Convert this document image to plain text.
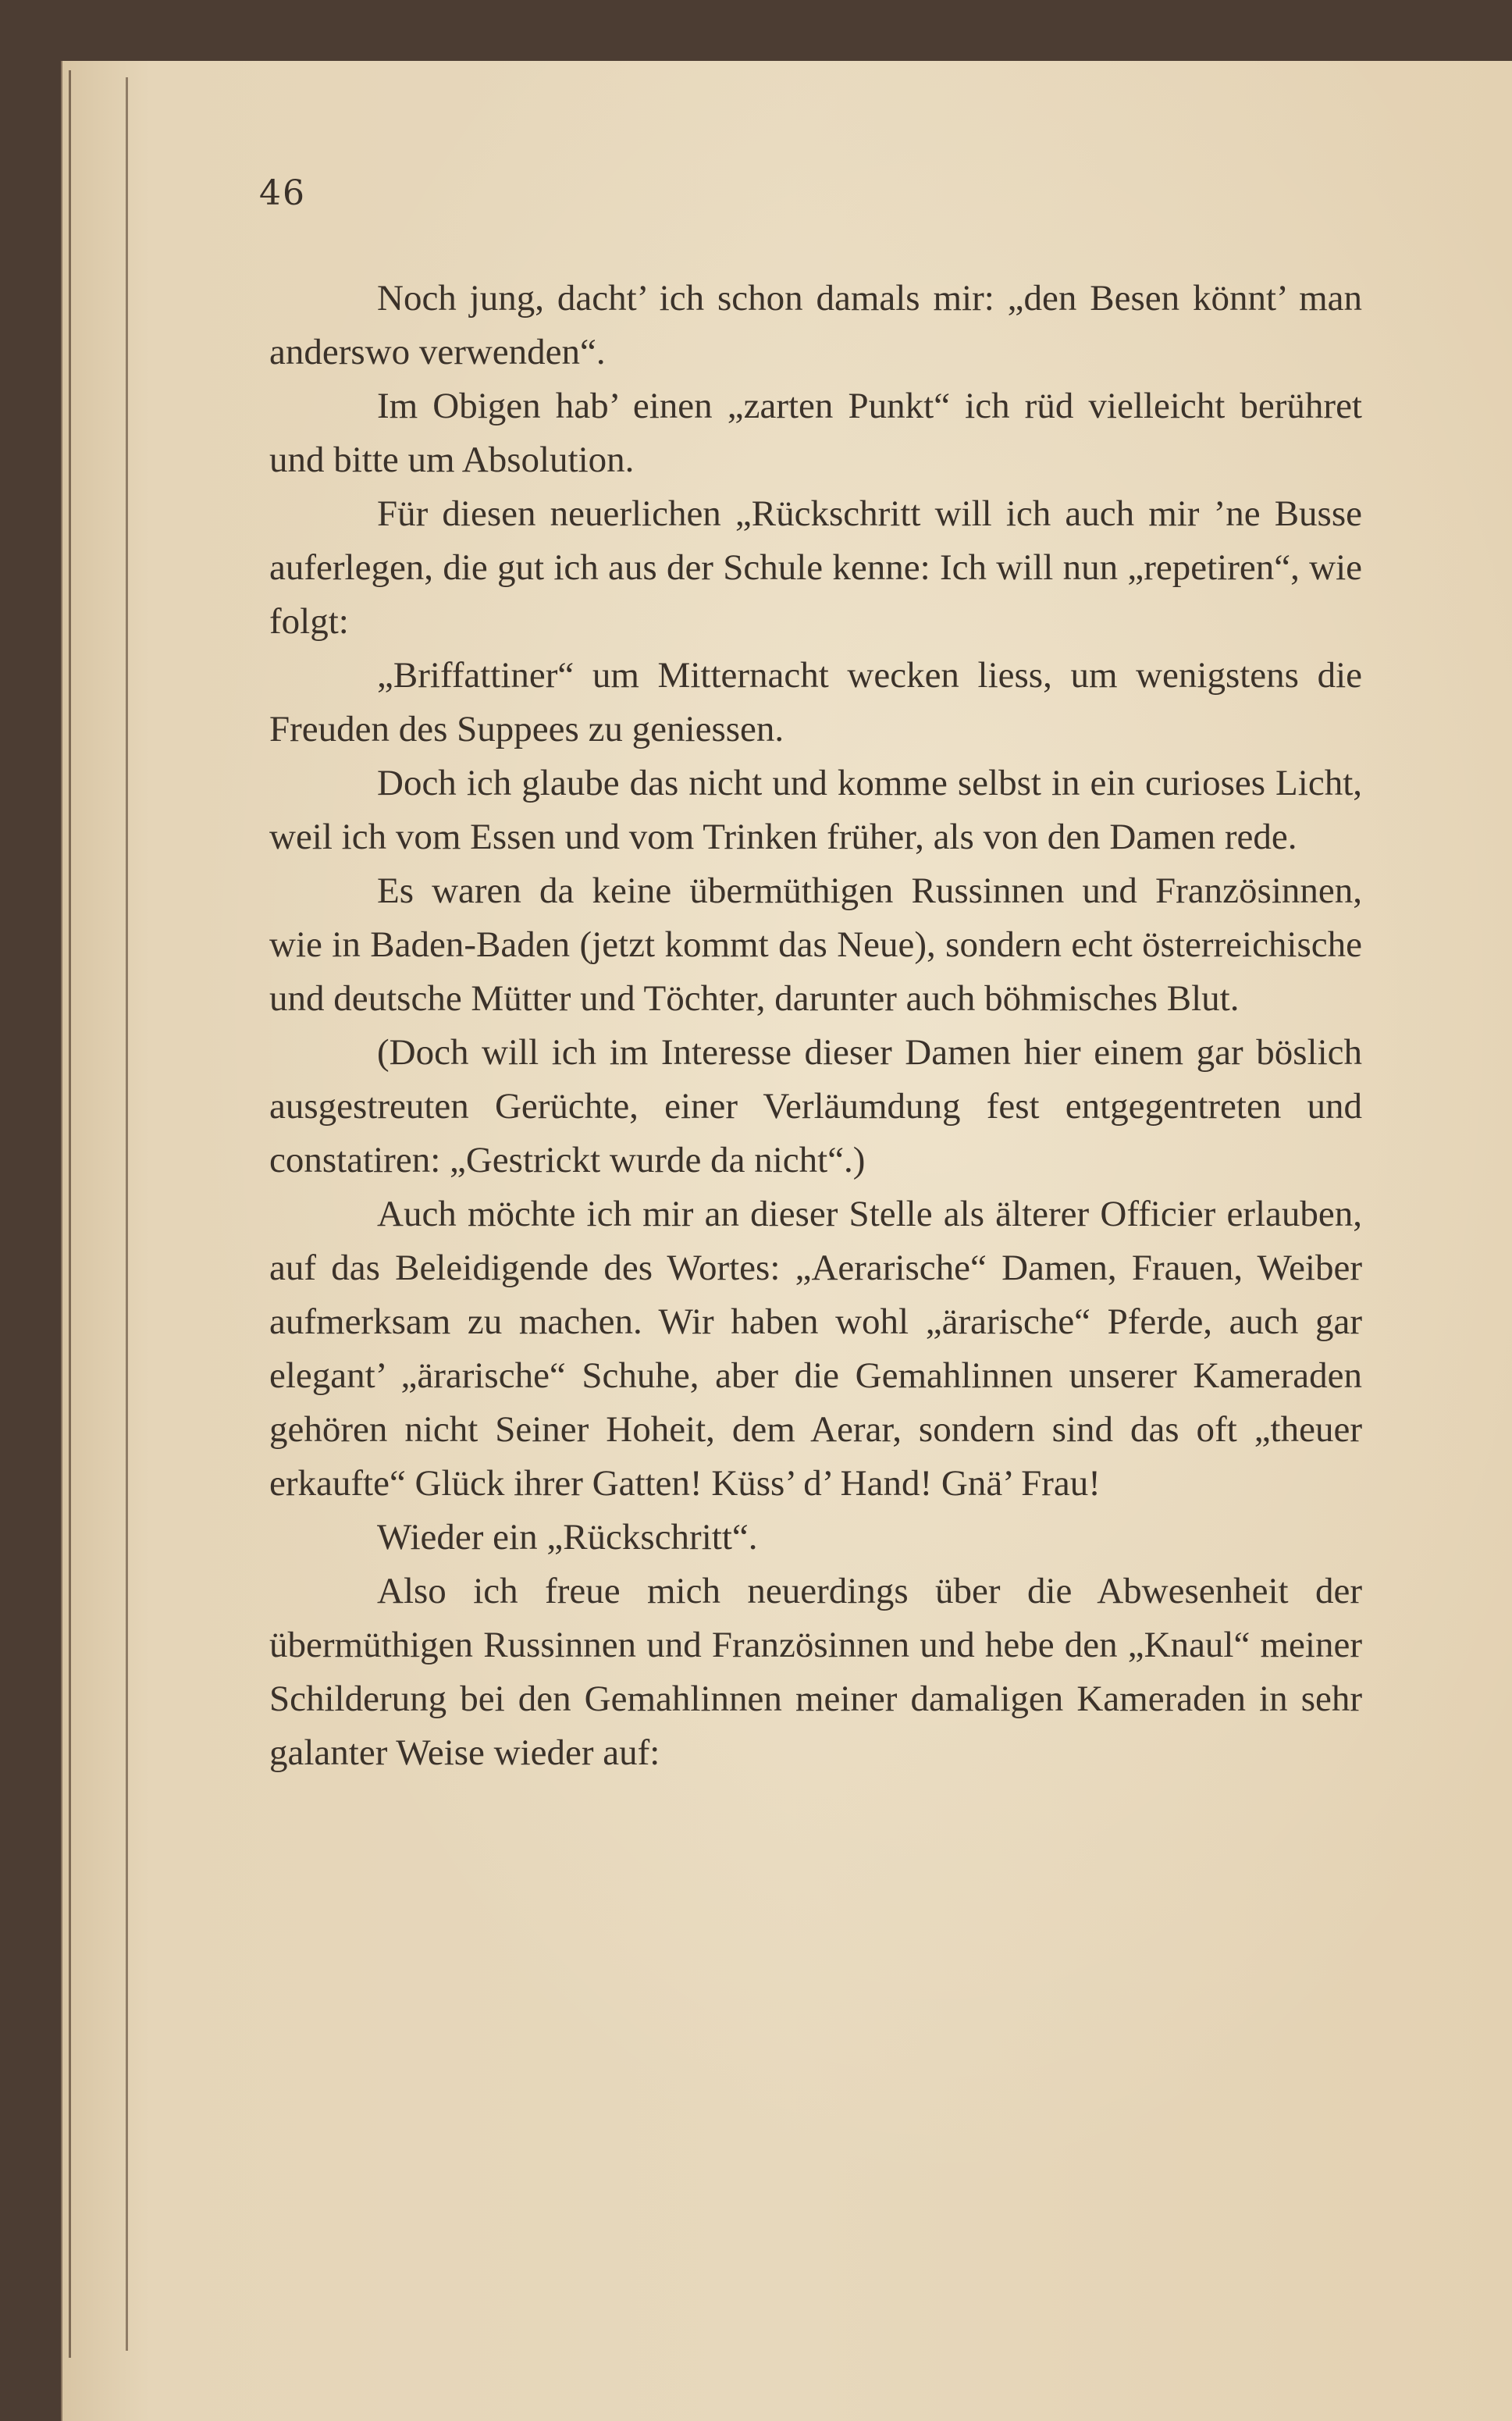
46

Noch jung, dacht’ ich schon damals mir: „den Besen könnt’ man anderswo verwenden“.

Im Obigen hab’ einen „zarten Punkt“ ich rüd vielleicht berühret und bitte um Absolution.

Für diesen neuerlichen „Rückschritt will ich auch mir ’ne Busse auferlegen, die gut ich aus der Schule kenne: Ich will nun „repetiren“, wie folgt:

„Briffattiner“ um Mitternacht wecken liess, um wenigstens die Freuden des Suppees zu geniessen.

Doch ich glaube das nicht und komme selbst in ein curioses Licht, weil ich vom Essen und vom Trinken früher, als von den Damen rede.

Es waren da keine übermüthigen Russinnen und Französinnen, wie in Baden-Baden (jetzt kommt das Neue), sondern echt österreichische und deutsche Mütter und Töchter, darunter auch böhmisches Blut.

(Doch will ich im Interesse dieser Damen hier einem gar böslich ausgestreuten Gerüchte, einer Verläumdung fest entgegentreten und constatiren: „Gestrickt wurde da nicht“.)

Auch möchte ich mir an dieser Stelle als älterer Officier erlauben, auf das Beleidigende des Wortes: „Aerarische“ Damen, Frauen, Weiber aufmerksam zu machen. Wir haben wohl „ärarische“ Pferde, auch gar elegant’ „ärarische“ Schuhe, aber die Gemahlinnen unserer Kameraden gehören nicht Seiner Hoheit, dem Aerar, sondern sind das oft „theuer erkaufte“ Glück ihrer Gatten! Küss’ d’ Hand! Gnä’ Frau!

Wieder ein „Rückschritt“.

Also ich freue mich neuerdings über die Abwesenheit der übermüthigen Russinnen und Französinnen und hebe den „Knaul“ meiner Schilderung bei den Gemahlinnen meiner damaligen Kameraden in sehr galanter Weise wieder auf:
